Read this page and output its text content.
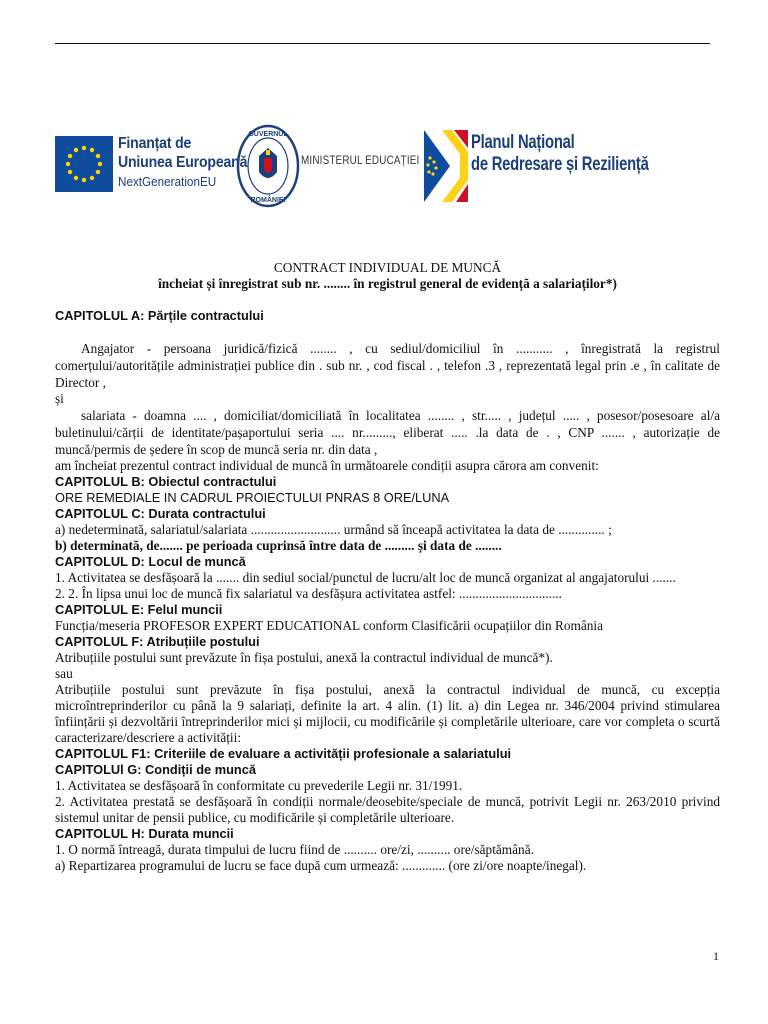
Finanțat de
Uniunea Europeană
NextGenerationEU
GUVERNUL
ROMÂNIEI
MINISTERUL EDUCAȚIEI
Planul Național
de Redresare și Reziliență

CONTRACT INDIVIDUAL DE MUNCĂ

încheiat și înregistrat sub nr. ........ în registrul general de evidență a salariaților*)

CAPITOLUL A: Părțile contractului

Angajator - persoana juridică/fizică ........ , cu sediul/domiciliul în ........... , înregistrată la registrul comerțului/autoritățile administrației publice din . sub nr. , cod fiscal . , telefon .3 , reprezentată legal prin .e , în calitate de Director ,

și

salariata - doamna .... , domiciliat/domiciliată în localitatea ........ , str..... , județul ..... , posesor/posesoare al/a buletinului/cărții de identitate/pașaportului seria .... nr........., eliberat ..... .la data de . , CNP ....... , autorizație de muncă/permis de ședere în scop de muncă seria nr. din data ,

am încheiat prezentul contract individual de muncă în următoarele condiții asupra cărora am convenit:

CAPITOLUL B: Obiectul contractului

ORE REMEDIALE IN CADRUL PROIECTULUI PNRAS 8 ORE/LUNA

CAPITOLUL C: Durata contractului

a) nedeterminată, salariatul/salariata ........................... urmând să înceapă activitatea la data de .............. ;

b) determinată, de....... pe perioada cuprinsă între data de ......... și data de ........

CAPITOLUL D: Locul de muncă

1. Activitatea se desfășoară la ....... din sediul social/punctul de lucru/alt loc de muncă organizat al angajatorului .......

2. 2. În lipsa unui loc de muncă fix salariatul va desfășura activitatea astfel: ...............................

CAPITOLUL E: Felul muncii

Funcția/meseria PROFESOR EXPERT EDUCATIONAL conform Clasificării ocupațiilor din România

CAPITOLUL F: Atribuțiile postului

Atribuțiile postului sunt prevăzute în fișa postului, anexă la contractul individual de muncă*).

sau

Atribuțiile postului sunt prevăzute în fișa postului, anexă la contractul individual de muncă, cu excepția microîntreprinderilor cu până la 9 salariați, definite la art. 4 alin. (1) lit. a) din Legea nr. 346/2004 privind stimularea înființării și dezvoltării întreprinderilor mici și mijlocii, cu modificările și completările ulterioare, care vor completa o scurtă caracterizare/descriere a activității:

CAPITOLUL F1: Criteriile de evaluare a activității profesionale a salariatului

CAPITOLUl G: Condiții de muncă

1. Activitatea se desfășoară în conformitate cu prevederile Legii nr. 31/1991.

2. Activitatea prestată se desfășoară în condiții normale/deosebite/speciale de muncă, potrivit Legii nr. 263/2010 privind sistemul unitar de pensii publice, cu modificările și completările ulterioare.

CAPITOLUL H: Durata muncii

1. O normă întreagă, durata timpului de lucru fiind de .......... ore/zi, .......... ore/săptămână.

a) Repartizarea programului de lucru se face după cum urmează: ............. (ore zi/ore noapte/inegal).

1
